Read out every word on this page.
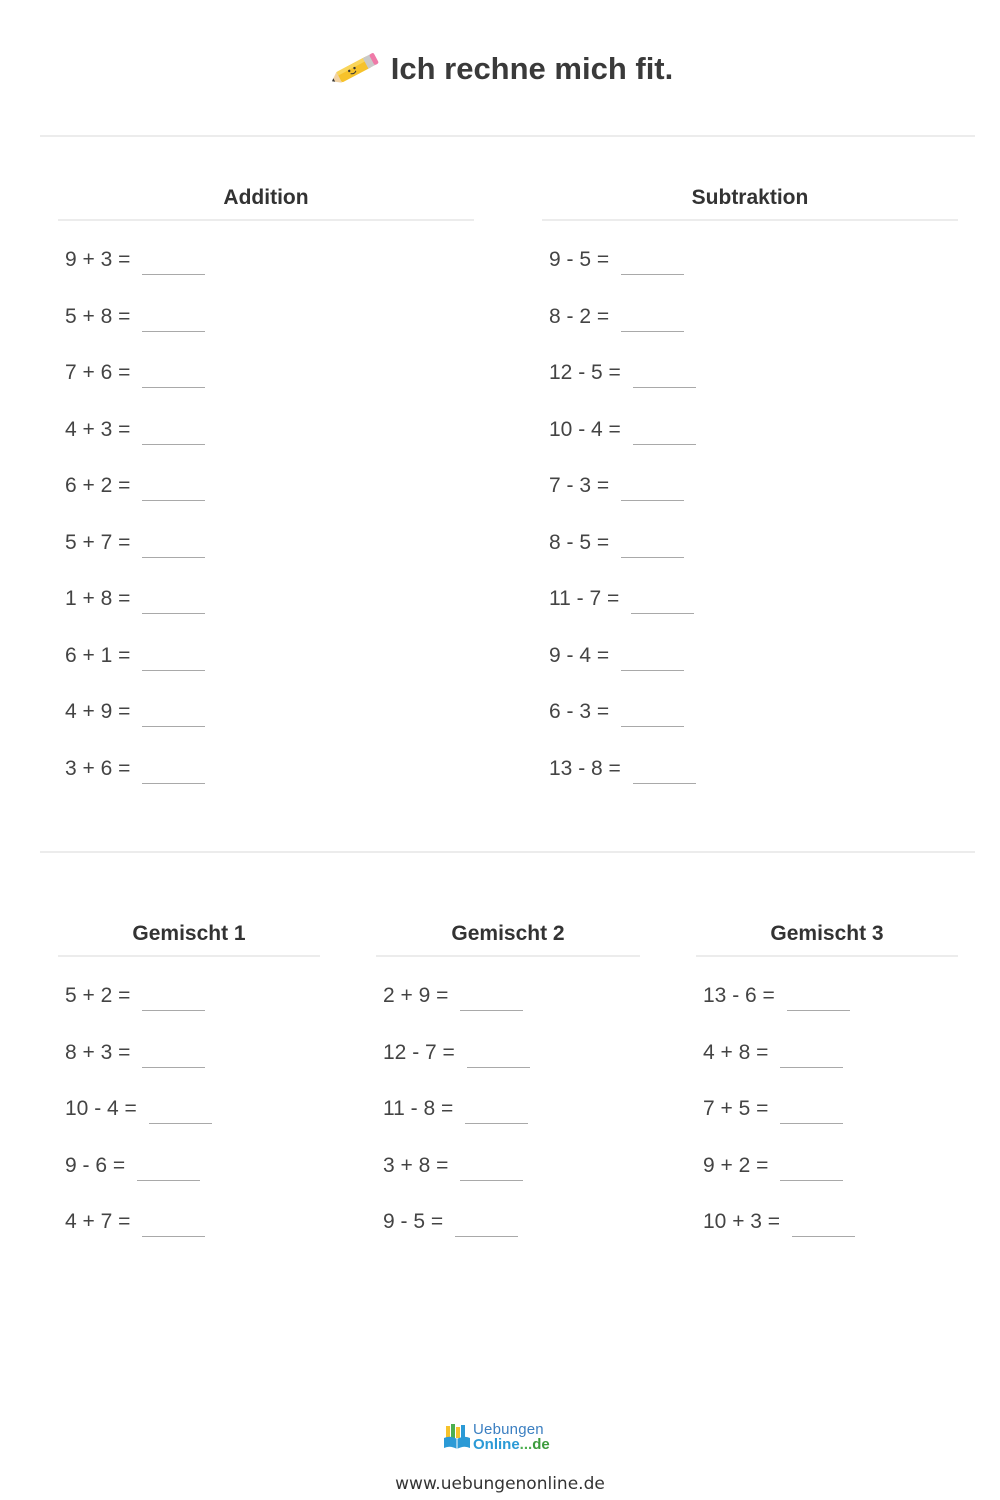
Ich rechne mich fit.
Addition
9 + 3 =
5 + 8 =
7 + 6 =
4 + 3 =
6 + 2 =
5 + 7 =
1 + 8 =
6 + 1 =
4 + 9 =
3 + 6 =
Subtraktion
9 - 5 =
8 - 2 =
12 - 5 =
10 - 4 =
7 - 3 =
8 - 5 =
11 - 7 =
9 - 4 =
6 - 3 =
13 - 8 =
Gemischt 1
5 + 2 =
8 + 3 =
10 - 4 =
9 - 6 =
4 + 7 =
Gemischt 2
2 + 9 =
12 - 7 =
11 - 8 =
3 + 8 =
9 - 5 =
Gemischt 3
13 - 6 =
4 + 8 =
7 + 5 =
9 + 2 =
10 + 3 =
Uebungen
Online...de
www.uebungenonline.de
